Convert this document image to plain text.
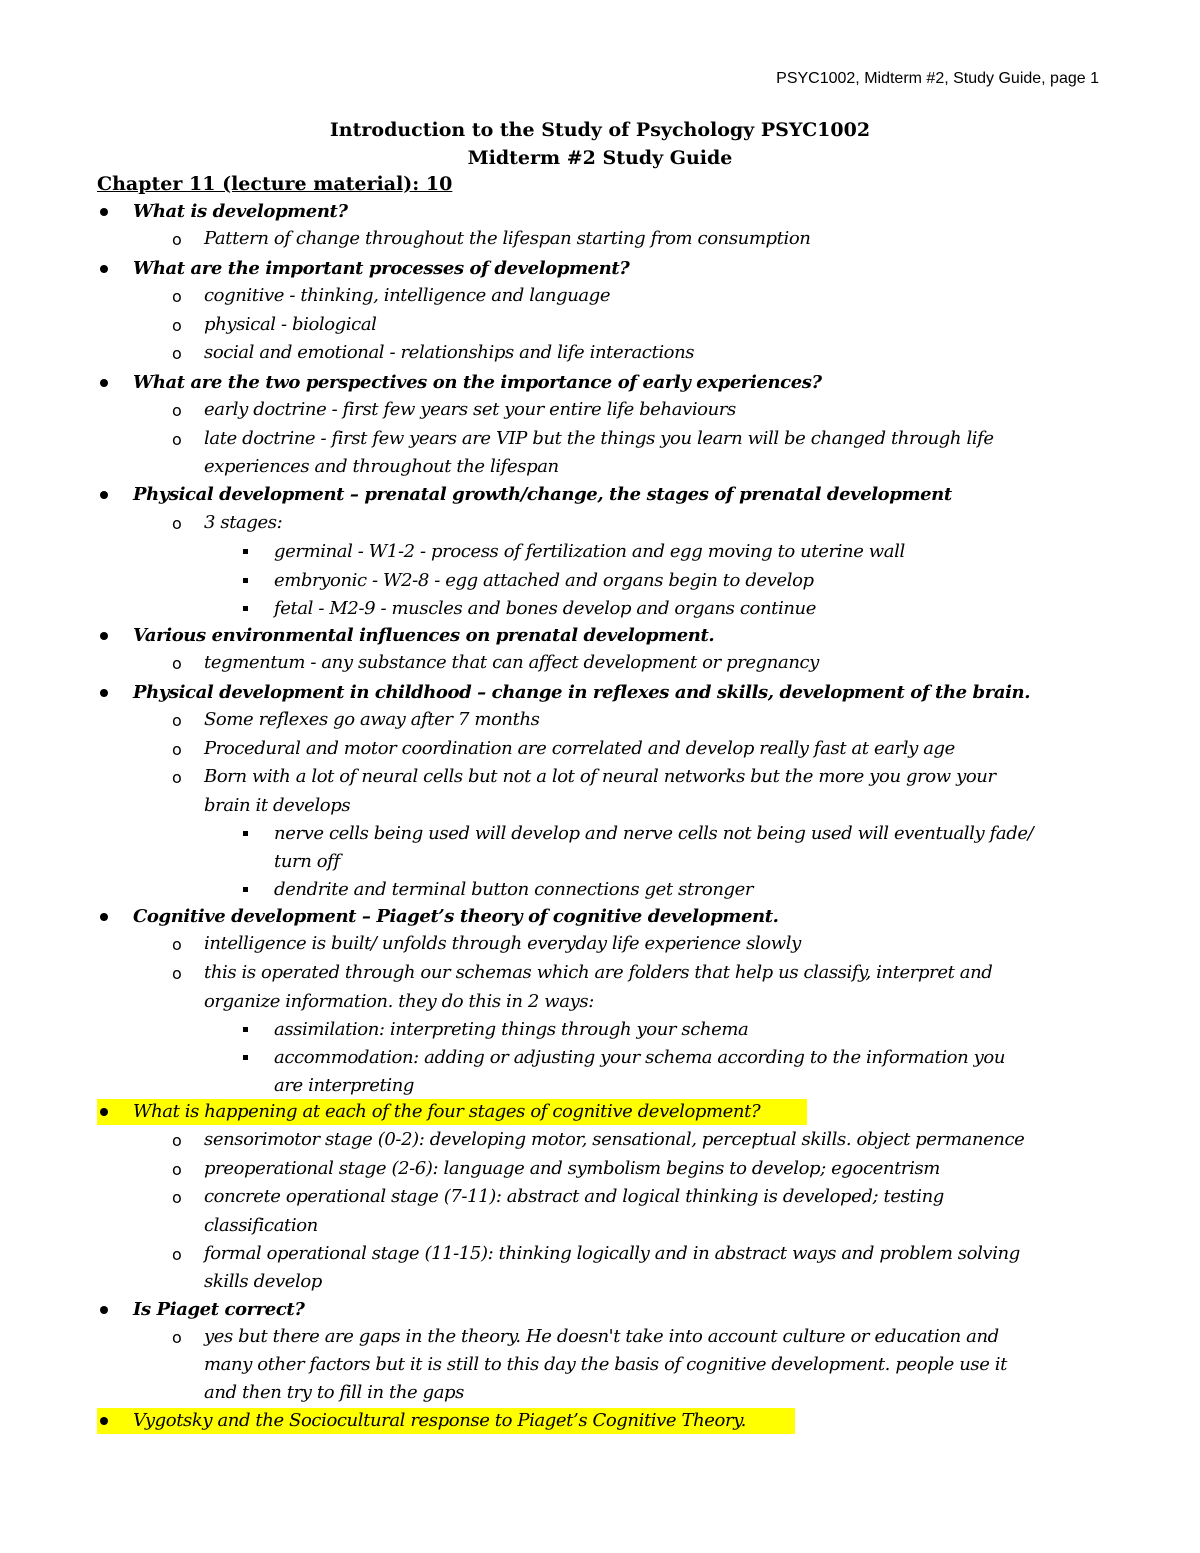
PSYC1002, Midterm #2, Study Guide, page 1
Introduction to the Study of Psychology PSYC1002
Midterm #2 Study Guide
Chapter 11 (lecture material): 10
What is development?
o Pattern of change throughout the lifespan starting from consumption
What are the important processes of development?
o cognitive - thinking, intelligence and language
o physical - biological
o social and emotional - relationships and life interactions
What are the two perspectives on the importance of early experiences?
o early doctrine - first few years set your entire life behaviours
o late doctrine - first few years are VIP but the things you learn will be changed through life
experiences and throughout the lifespan
Physical development – prenatal growth/change, the stages of prenatal development
o 3 stages:
germinal - W1-2 - process of fertilization and egg moving to uterine wall
embryonic - W2-8 - egg attached and organs begin to develop
fetal - M2-9 - muscles and bones develop and organs continue
Various environmental influences on prenatal development.
o tegmentum - any substance that can affect development or pregnancy
Physical development in childhood – change in reflexes and skills, development of the brain.
o Some reflexes go away after 7 months
o Procedural and motor coordination are correlated and develop really fast at early age
o Born with a lot of neural cells but not a lot of neural networks but the more you grow your
brain it develops
nerve cells being used will develop and nerve cells not being used will eventually fade/
turn off
dendrite and terminal button connections get stronger
Cognitive development – Piaget’s theory of cognitive development.
o intelligence is built/ unfolds through everyday life experience slowly
o this is operated through our schemas which are folders that help us classify, interpret and
organize information. they do this in 2 ways:
assimilation: interpreting things through your schema
accommodation: adding or adjusting your schema according to the information you
are interpreting
What is happening at each of the four stages of cognitive development?
o sensorimotor stage (0-2): developing motor, sensational, perceptual skills. object permanence
o preoperational stage (2-6): language and symbolism begins to develop; egocentrism
o concrete operational stage (7-11): abstract and logical thinking is developed; testing
classification
o formal operational stage (11-15): thinking logically and in abstract ways and problem solving
skills develop
Is Piaget correct?
o yes but there are gaps in the theory. He doesn't take into account culture or education and
many other factors but it is still to this day the basis of cognitive development. people use it
and then try to fill in the gaps
Vygotsky and the Sociocultural response to Piaget’s Cognitive Theory.
